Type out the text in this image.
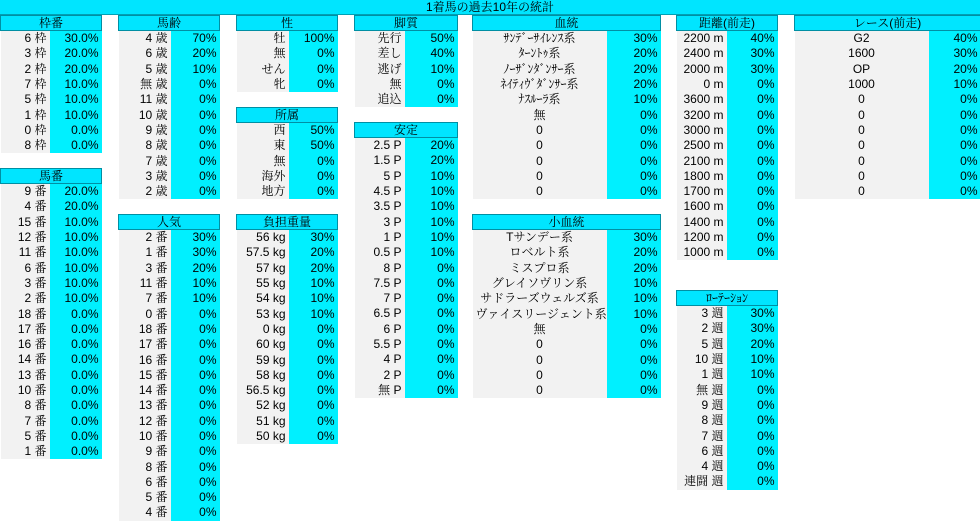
1着馬の過去10年の統計
枠番	
6 枠	30.0%
3 枠	20.0%
2 枠	20.0%
7 枠	10.0%
5 枠	10.0%
1 枠	10.0%
0 枠	0.0%
8 枠	0.0%
馬番	
9 番	20.0%
4 番	20.0%
15 番	10.0%
12 番	10.0%
11 番	10.0%
6 番	10.0%
3 番	10.0%
2 番	10.0%
18 番	0.0%
17 番	0.0%
16 番	0.0%
14 番	0.0%
13 番	0.0%
10 番	0.0%
8 番	0.0%
7 番	0.0%
5 番	0.0%
1 番	0.0%
馬齢	
4 歳	70%
6 歳	20%
5 歳	10%
無 歳	0%
11 歳	0%
10 歳	0%
9 歳	0%
8 歳	0%
7 歳	0%
3 歳	0%
2 歳	0%
人気	
2 番	30%
1 番	30%
3 番	20%
11 番	10%
7 番	10%
0 番	0%
18 番	0%
17 番	0%
16 番	0%
15 番	0%
14 番	0%
13 番	0%
12 番	0%
10 番	0%
9 番	0%
8 番	0%
6 番	0%
5 番	0%
4 番	0%
性	
牡	100%
無	0%
せん	0%
牝	0%
所属	
西	50%
東	50%
無	0%
海外	0%
地方	0%
負担重量	
56 kg	30%
57.5 kg	20%
57 kg	20%
55 kg	10%
54 kg	10%
53 kg	10%
0 kg	0%
60 kg	0%
59 kg	0%
58 kg	0%
56.5 kg	0%
52 kg	0%
51 kg	0%
50 kg	0%
脚質	
先行	50%
差し	40%
逃げ	10%
無	0%
追込	0%
安定	
2.5 P	20%
1.5 P	20%
5 P	10%
4.5 P	10%
3.5 P	10%
3 P	10%
1 P	10%
0.5 P	10%
8 P	0%
7.5 P	0%
7 P	0%
6.5 P	0%
6 P	0%
5.5 P	0%
4 P	0%
2 P	0%
無 P	0%
血統	
ｻﾝﾃﾞｰｻｲﾚﾝｽ系	30%
ﾀｰﾝﾄｩ系	20%
ﾉｰｻﾞﾝﾀﾞﾝｻｰ系	20%
ﾈｲﾃｨｳﾞﾀﾞﾝｻｰ系	20%
ﾅｽﾙｰﾗ系	10%
無	0%
0	0%
0	0%
0	0%
0	0%
0	0%
小血統	
Tサンデー系	30%
ロベルト系	20%
ミスプロ系	20%
グレイソヴリン系	10%
サドラーズウェルズ系	10%
ヴァイスリージェント系	10%
無	0%
0	0%
0	0%
0	0%
0	0%
距離(前走)	
2200 m	40%
2400 m	30%
2000 m	30%
0 m	0%
3600 m	0%
3200 m	0%
3000 m	0%
2500 m	0%
2100 m	0%
1800 m	0%
1700 m	0%
1600 m	0%
1400 m	0%
1200 m	0%
1000 m	0%
ﾛｰﾃｰｼｮﾝ	
3 週	30%
2 週	30%
5 週	20%
10 週	10%
1 週	10%
無 週	0%
9 週	0%
8 週	0%
7 週	0%
6 週	0%
4 週	0%
連闘 週	0%
レース(前走)	
G2	40%
1600	30%
OP	20%
1000	10%
0	0%
0	0%
0	0%
0	0%
0	0%
0	0%
0	0%
